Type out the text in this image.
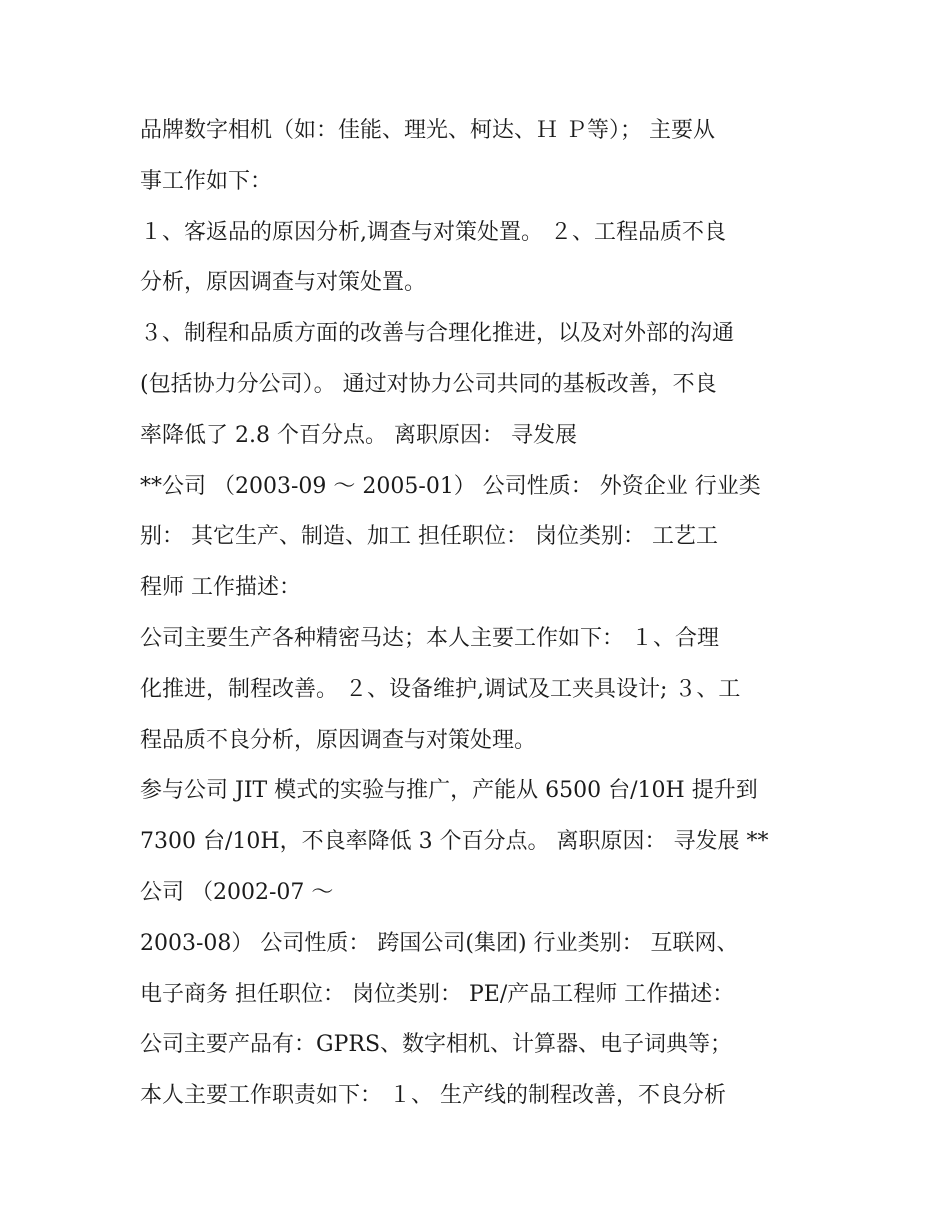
品牌数字相机（如：佳能、理光、柯达、Ｈ Ｐ等）； 主要从
事工作如下：
１、客返品的原因分析,调查与对策处置。 ２、工程品质不良
分析，原因调查与对策处置。
３、制程和品质方面的改善与合理化推进，以及对外部的沟通
(包括协力分公司）。 通过对协力公司共同的基板改善，不良
率降低了 2.8 个百分点。 离职原因： 寻发展
**公司 （2003-09 ～ 2005-01） 公司性质： 外资企业 行业类
别： 其它生产、制造、加工 担任职位： 岗位类别： 工艺工
程师 工作描述：
公司主要生产各种精密马达；本人主要工作如下： １、合理
化推进，制程改善。 ２、设备维护,调试及工夹具设计; ３、工
程品质不良分析，原因调查与对策处理。
参与公司 JIT 模式的实验与推广，产能从 6500 台/10H 提升到
7300 台/10H，不良率降低 3 个百分点。 离职原因： 寻发展 **
公司 （2002-07 ～
2003-08） 公司性质： 跨国公司(集团) 行业类别： 互联网、
电子商务 担任职位： 岗位类别： PE/产品工程师 工作描述：
公司主要产品有：GPRS、数字相机、计算器、电子词典等；
本人主要工作职责如下： １、 生产线的制程改善，不良分析
